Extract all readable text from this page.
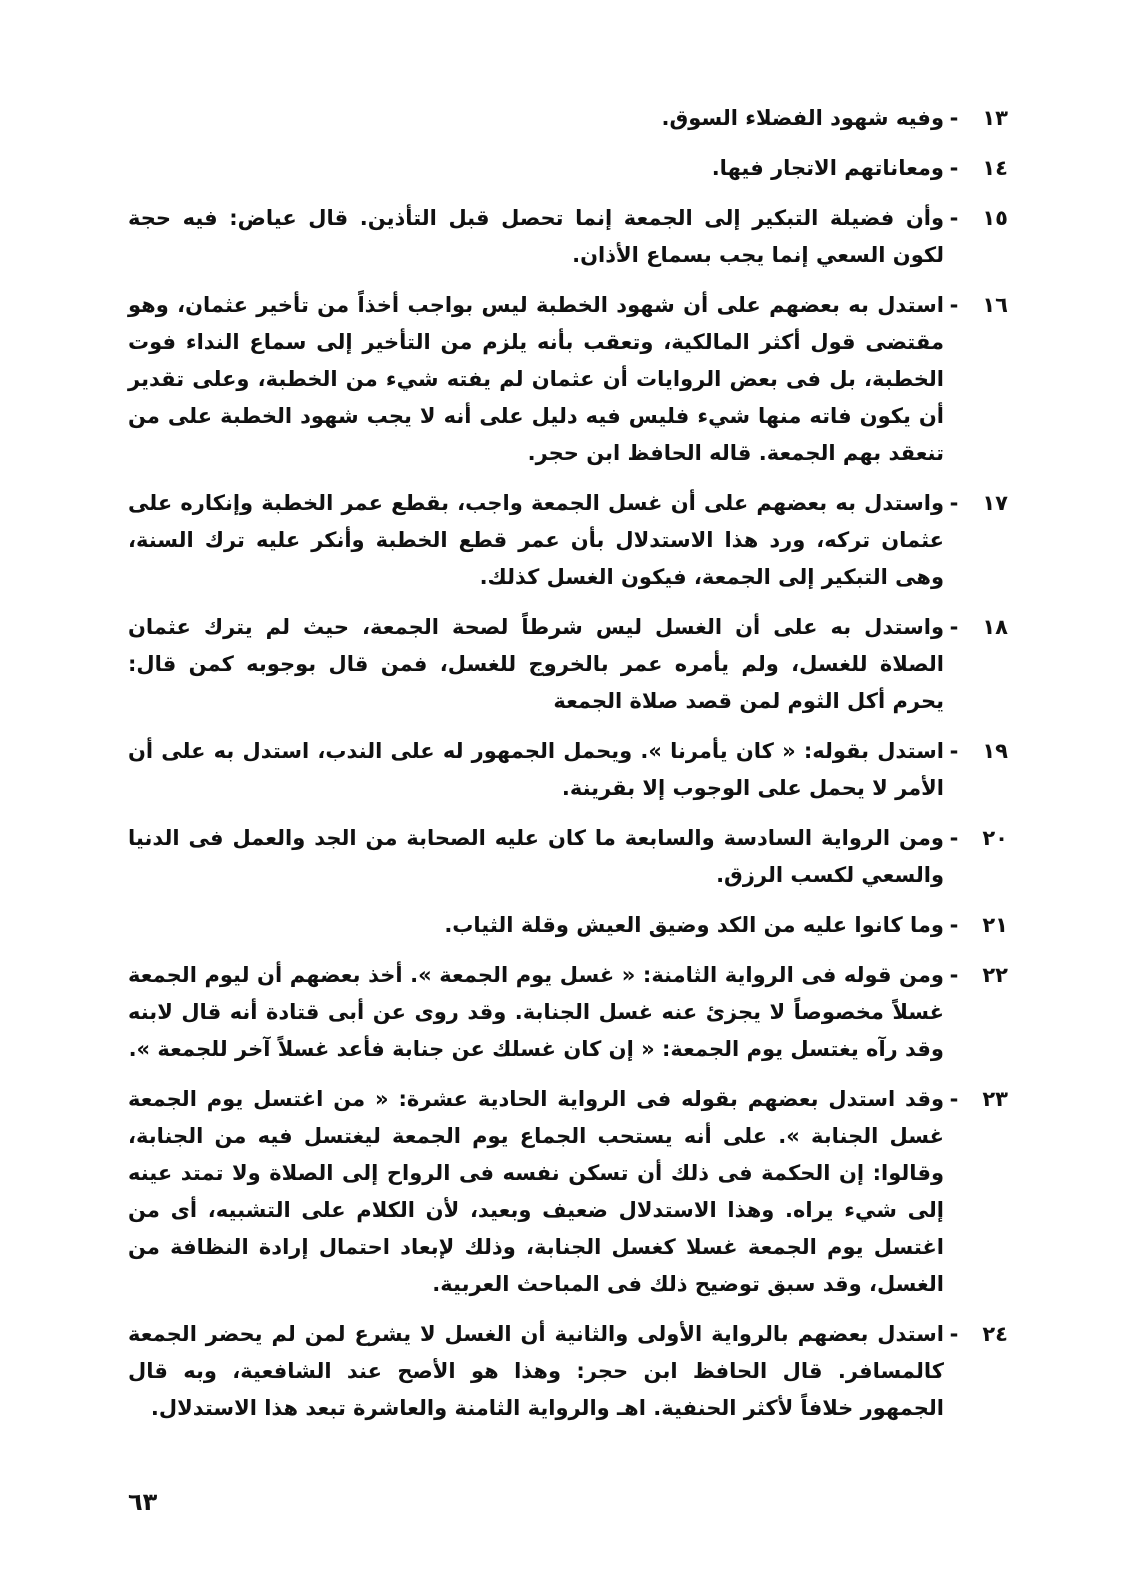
١٣
-
وفيه شهود الفضلاء السوق.
١٤
-
ومعاناتهم الاتجار فيها.
١٥
-
وأن فضيلة التبكير إلى الجمعة إنما تحصل قبل التأذين. قال عياض: فيه حجة لكون السعي إنما يجب بسماع الأذان.
١٦
-
استدل به بعضهم على أن شهود الخطبة ليس بواجب أخذاً من تأخير عثمان، وهو مقتضى قول أكثر المالكية، وتعقب بأنه يلزم من التأخير إلى سماع النداء فوت الخطبة، بل فى بعض الروايات أن عثمان لم يفته شيء من الخطبة، وعلى تقدير أن يكون فاته منها شيء فليس فيه دليل على أنه لا يجب شهود الخطبة على من تنعقد بهم الجمعة. قاله الحافظ ابن حجر.
١٧
-
واستدل به بعضهم على أن غسل الجمعة واجب، بقطع عمر الخطبة وإنكاره على عثمان تركه، ورد هذا الاستدلال بأن عمر قطع الخطبة وأنكر عليه ترك السنة، وهى التبكير إلى الجمعة، فيكون الغسل كذلك.
١٨
-
واستدل به على أن الغسل ليس شرطاً لصحة الجمعة، حيث لم يترك عثمان الصلاة للغسل، ولم يأمره عمر بالخروج للغسل، فمن قال بوجوبه كمن قال: يحرم أكل الثوم لمن قصد صلاة الجمعة
١٩
-
استدل بقوله: « كان يأمرنا ». ويحمل الجمهور له على الندب، استدل به على أن الأمر لا يحمل على الوجوب إلا بقرينة.
٢٠
-
ومن الرواية السادسة والسابعة ما كان عليه الصحابة من الجد والعمل فى الدنيا والسعي لكسب الرزق.
٢١
-
وما كانوا عليه من الكد وضيق العيش وقلة الثياب.
٢٢
-
ومن قوله فى الرواية الثامنة: « غسل يوم الجمعة ». أخذ بعضهم أن ليوم الجمعة غسلاً مخصوصاً لا يجزئ عنه غسل الجنابة. وقد روى عن أبى قتادة أنه قال لابنه وقد رآه يغتسل يوم الجمعة: « إن كان غسلك عن جنابة فأعد غسلاً آخر للجمعة ».
٢٣
-
وقد استدل بعضهم بقوله فى الرواية الحادية عشرة: « من اغتسل يوم الجمعة غسل الجنابة ». على أنه يستحب الجماع يوم الجمعة ليغتسل فيه من الجنابة، وقالوا: إن الحكمة فى ذلك أن تسكن نفسه فى الرواح إلى الصلاة ولا تمتد عينه إلى شيء يراه. وهذا الاستدلال ضعيف وبعيد، لأن الكلام على التشبيه، أى من اغتسل يوم الجمعة غسلا كغسل الجنابة، وذلك لإبعاد احتمال إرادة النظافة من الغسل، وقد سبق توضيح ذلك فى المباحث العربية.
٢٤
-
استدل بعضهم بالرواية الأولى والثانية أن الغسل لا يشرع لمن لم يحضر الجمعة كالمسافر. قال الحافظ ابن حجر: وهذا هو الأصح عند الشافعية، وبه قال الجمهور خلافاً لأكثر الحنفية. اهـ والرواية الثامنة والعاشرة تبعد هذا الاستدلال.
٦٣
